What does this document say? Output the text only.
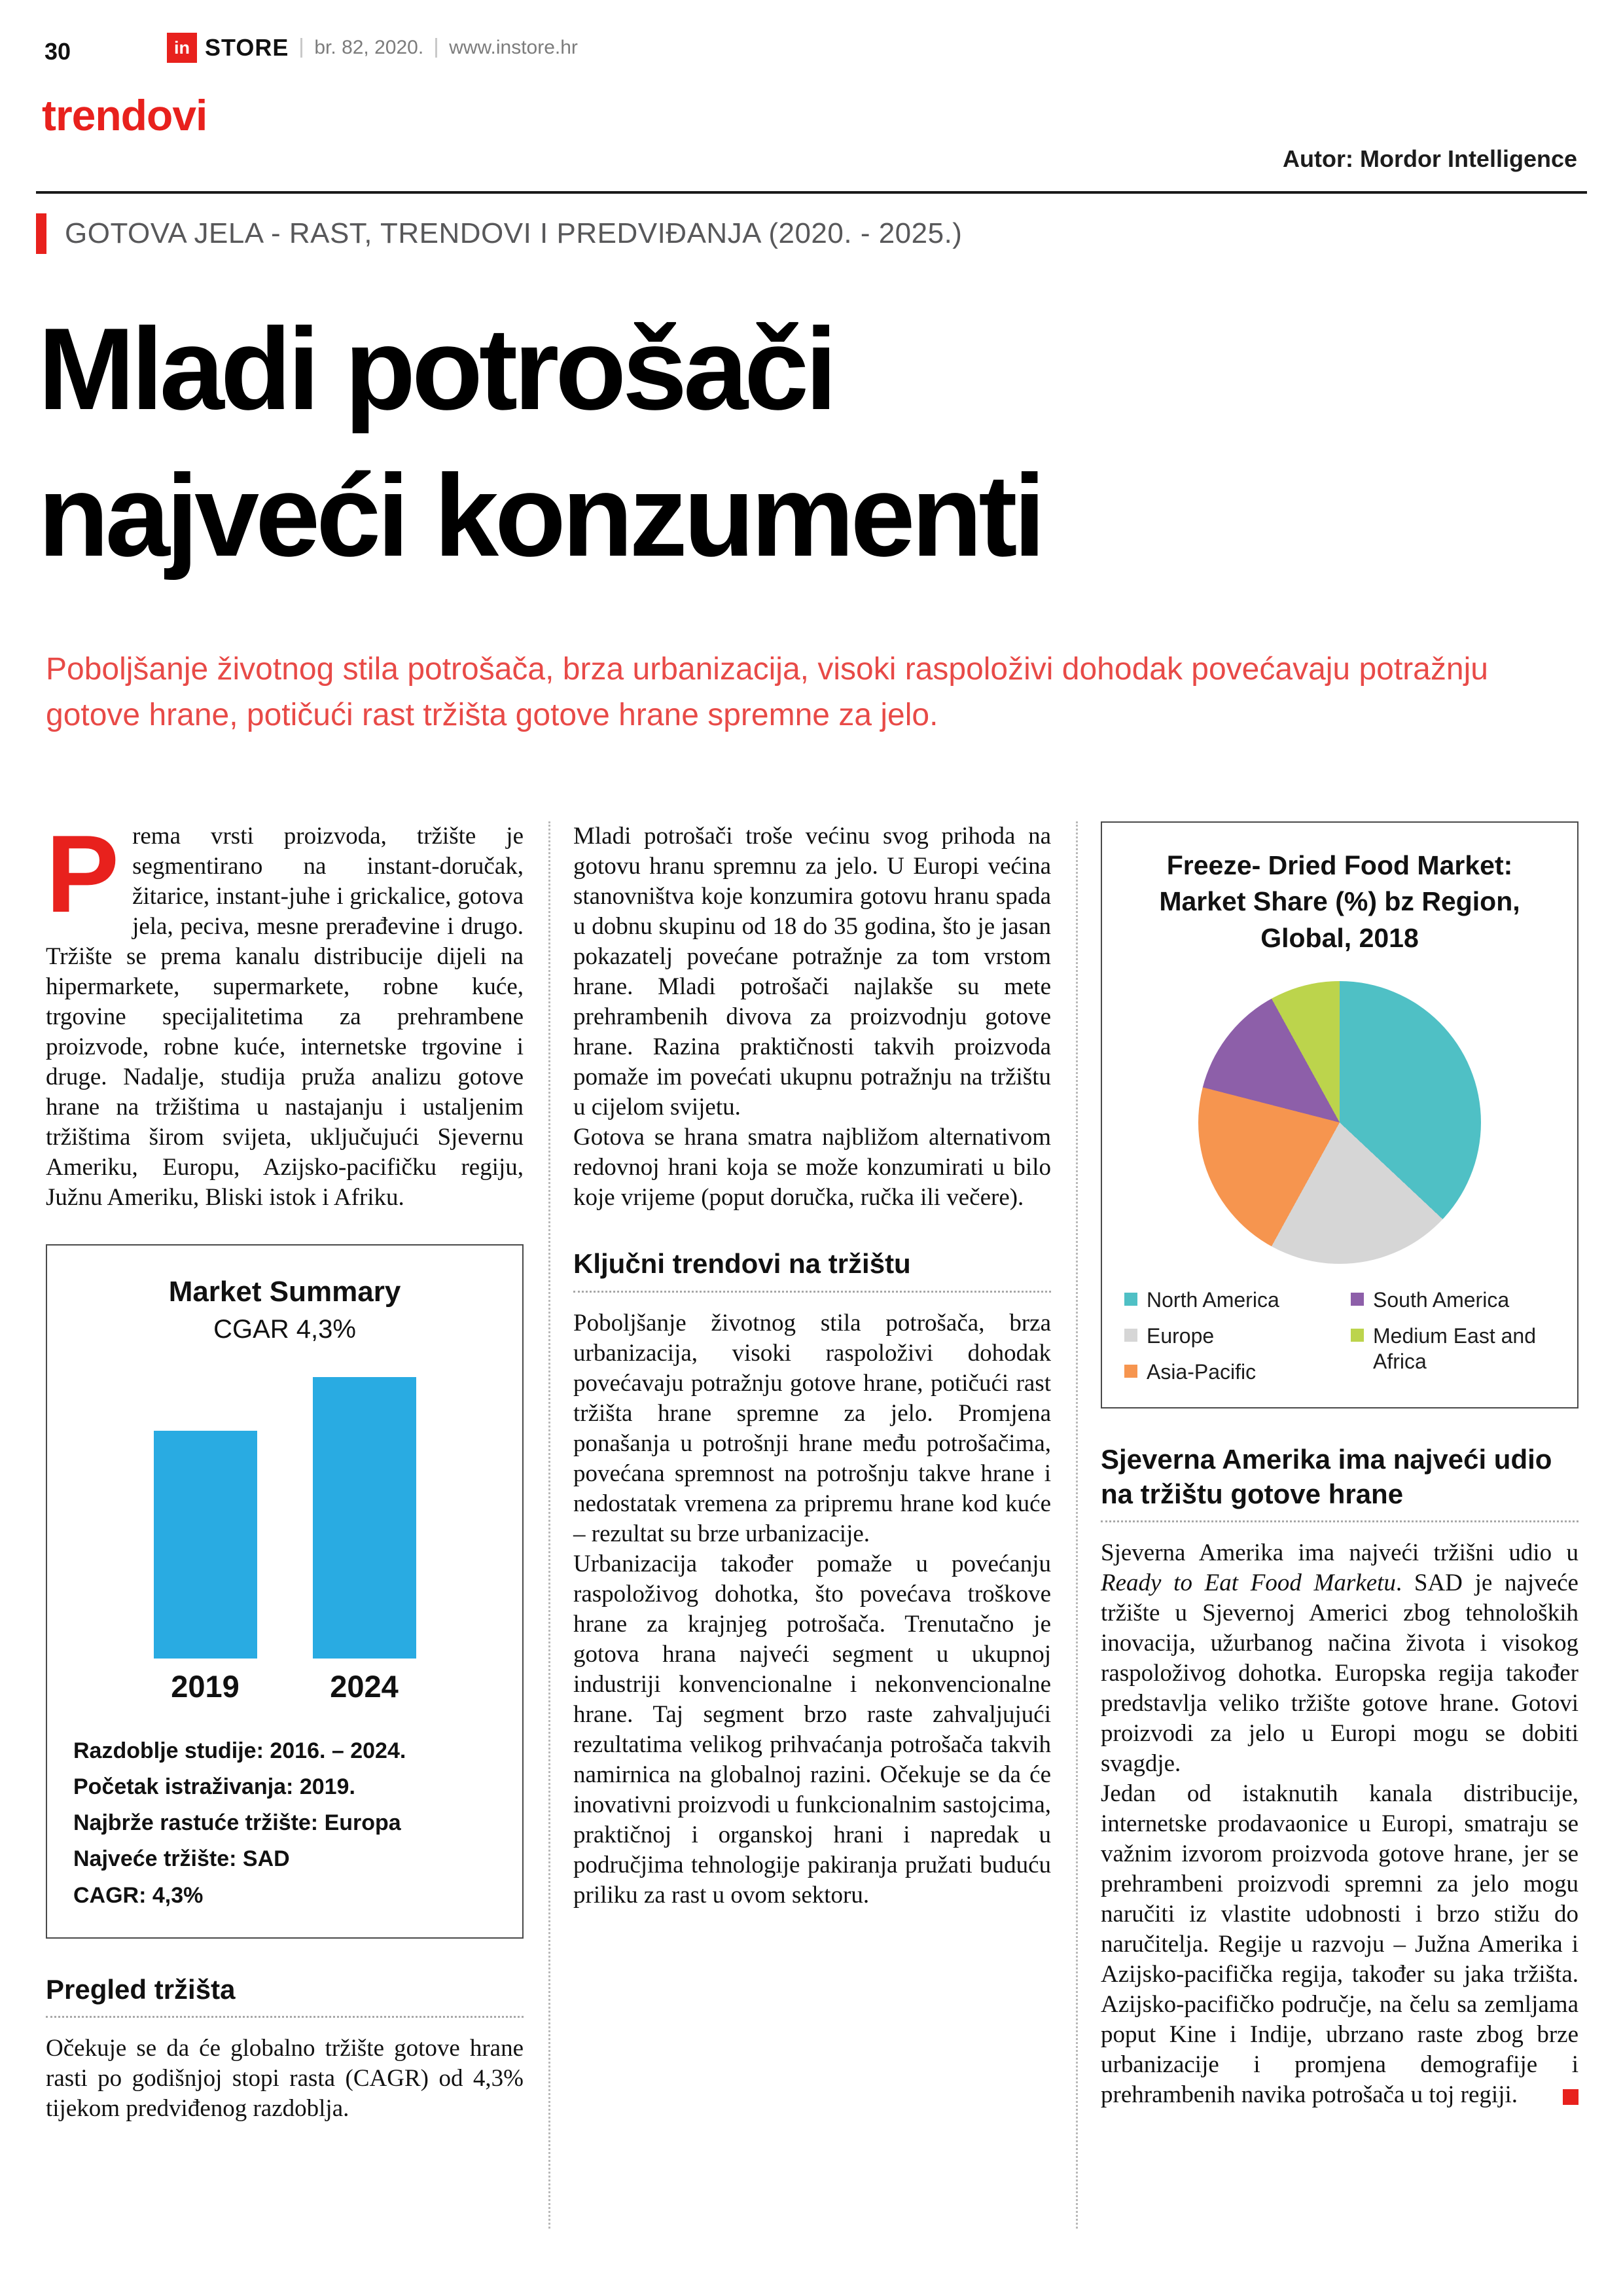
30	in STORE br. 82, 2020. www.instore.hr
trendovi
Autor: Mordor Intelligence
GOTOVA JELA - RAST, TRENDOVI I PREDVIĐANJA (2020. - 2025.)
Mladi potrošači
najveći konzumenti

Poboljšanje životnog stila potrošača, brza urbanizacija, visoki raspoloživi dohodak povećavaju potražnju gotove hrane, potičući rast tržišta gotove hrane spremne za jelo.

Prema vrsti proizvoda, tržište je segmentirano na instant-doručak, žitarice, instant-juhe i grickalice, gotova jela, peciva, mesne prerađevine i drugo. Tržište se prema kanalu distribucije dijeli na hipermarkete, supermarkete, robne kuće, trgovine specijalitetima za prehrambene proizvode, robne kuće, internetske trgovine i druge. Nadalje, studija pruža analizu gotove hrane na tržištima u nastajanju i ustaljenim tržištima širom svijeta, uključujući Sjevernu Ameriku, Europu, Azijsko-pacifičku regiju, Južnu Ameriku, Bliski istok i Afriku.

Market Summary
CGAR 4,3%
2019	2024
Razdoblje studije: 2016. – 2024.
Početak istraživanja: 2019.
Najbrže rastuće tržište: Europa
Najveće tržište: SAD
CAGR: 4,3%
Pregled tržišta

Očekuje se da će globalno tržište gotove hrane rasti po godišnjoj stopi rasta (CAGR) od 4,3% tijekom predviđenog razdoblja.

Mladi potrošači troše većinu svog prihoda na gotovu hranu spremnu za jelo. U Europi većina stanovništva koje konzumira gotovu hranu spada u dobnu skupinu od 18 do 35 godina, što je jasan pokazatelj povećane potražnje za tom vrstom hrane. Mladi potrošači najlakše su mete prehrambenih divova za proizvodnju gotove hrane. Razina praktičnosti takvih proizvoda pomaže im povećati ukupnu potražnju na tržištu u cijelom svijetu.

Gotova se hrana smatra najbližom alternativom redovnoj hrani koja se može konzumirati u bilo koje vrijeme (poput doručka, ručka ili večere).

Ključni trendovi na tržištu

Poboljšanje životnog stila potrošača, brza urbanizacija, visoki raspoloživi dohodak povećavaju potražnju gotove hrane, potičući rast tržišta hrane spremne za jelo. Promjena ponašanja u potrošnji hrane među potrošačima, povećana spremnost na potrošnju takve hrane i nedostatak vremena za pripremu hrane kod kuće – rezultat su brze urbanizacije.

Urbanizacija također pomaže u povećanju raspoloživog dohotka, što povećava troškove hrane za krajnjeg potrošača. Trenutačno je gotova hrana najveći segment u ukupnoj industriji konvencionalne i nekonvencionalne hrane. Taj segment brzo raste zahvaljujući rezultatima velikog prihvaćanja potrošača takvih namirnica na globalnoj razini. Očekuje se da će inovativni proizvodi u funkcionalnim sastojcima, praktičnoj i organskoj hrani i napredak u područjima tehnologije pakiranja pružati buduću priliku za rast u ovom sektoru.

Freeze- Dried Food Market: Market Share (%) bz Region, Global, 2018
North America
Europe
Asia-Pacific
South America
Medium East and Africa
Sjeverna Amerika ima najveći udio na tržištu gotove hrane

Sjeverna Amerika ima najveći tržišni udio u Ready to Eat Food Marketu. SAD je najveće tržište u Sjevernoj Americi zbog tehnoloških inovacija, užurbanog načina života i visokog raspoloživog dohotka. Europska regija također predstavlja veliko tržište gotove hrane. Gotovi proizvodi za jelo u Europi mogu se dobiti svagdje.

Jedan od istaknutih kanala distribucije, internetske prodavaonice u Europi, smatraju se važnim izvorom proizvoda gotove hrane, jer se prehrambeni proizvodi spremni za jelo mogu naručiti iz vlastite udobnosti i brzo stižu do naručitelja. Regije u razvoju – Južna Amerika i Azijsko-pacifička regija, također su jaka tržišta. Azijsko-pacifičko područje, na čelu sa zemljama poput Kine i Indije, ubrzano raste zbog brze urbanizacije i promjena demografije i prehrambenih navika potrošača u toj regiji.
